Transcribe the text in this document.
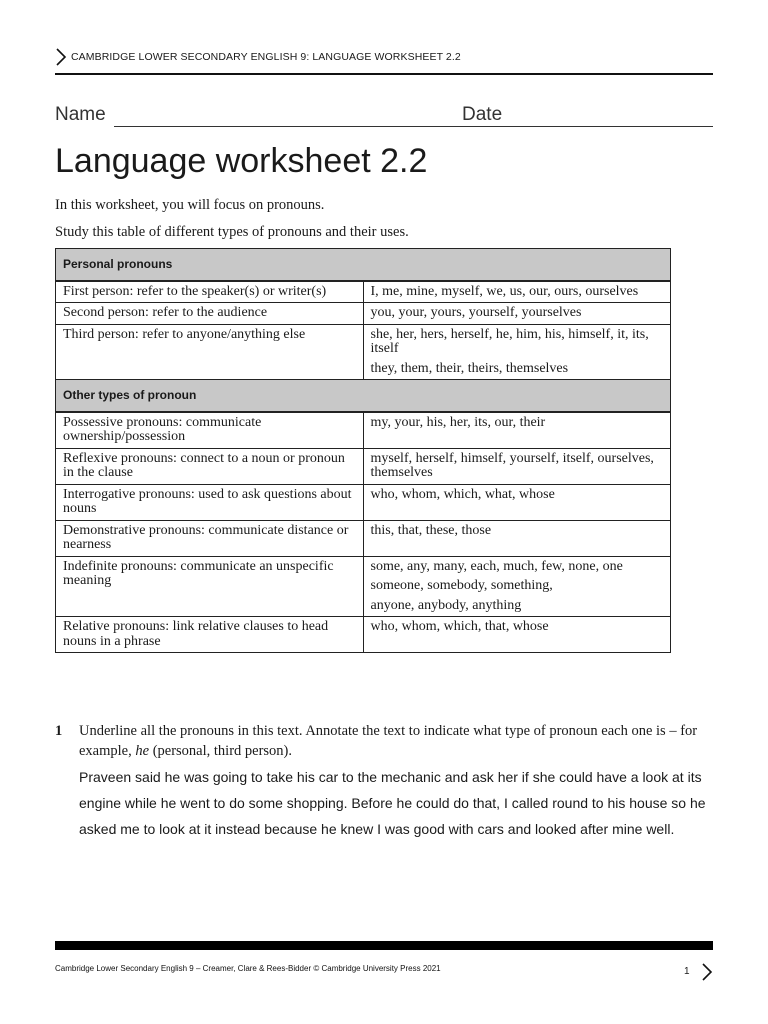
CAMBRIDGE LOWER SECONDARY ENGLISH 9: LANGUAGE WORKSHEET 2.2
Name	Date
Language worksheet 2.2
In this worksheet, you will focus on pronouns.
Study this table of different types of pronouns and their uses.
Personal pronouns	
First person: refer to the speaker(s) or writer(s)	I, me, mine, myself, we, us, our, ours, ourselves

Second person: refer to the audience	you, your, yours, yourself, yourselves

Third person: refer to anyone/anything else	she, her, hers, herself, he, him, his, himself, it, its, itself
they, them, their, theirs, themselves

Other types of pronoun	
Possessive pronouns: communicate ownership/possession	my, your, his, her, its, our, their

Reflexive pronouns: connect to a noun or pronoun in the clause	myself, herself, himself, yourself, itself, ourselves, themselves

Interrogative pronouns: used to ask questions about nouns	who, whom, which, what, whose

Demonstrative pronouns: communicate distance or nearness	this, that, these, those

Indefinite pronouns: communicate an unspecific meaning	some, any, many, each, much, few, none, one
someone, somebody, something,
anyone, anybody, anything

Relative pronouns: link relative clauses to head nouns in a phrase	who, whom, which, that, whose
1 Underline all the pronouns in this text. Annotate the text to indicate what type of pronoun each one is – for example, he (personal, third person).
Praveen said he was going to take his car to the mechanic and ask her if she could have a look at its engine while he went to do some shopping. Before he could do that, I called round to his house so he asked me to look at it instead because he knew I was good with cars and looked after mine well.
Cambridge Lower Secondary English 9 – Creamer, Clare & Rees-Bidder © Cambridge University Press 2021	1
